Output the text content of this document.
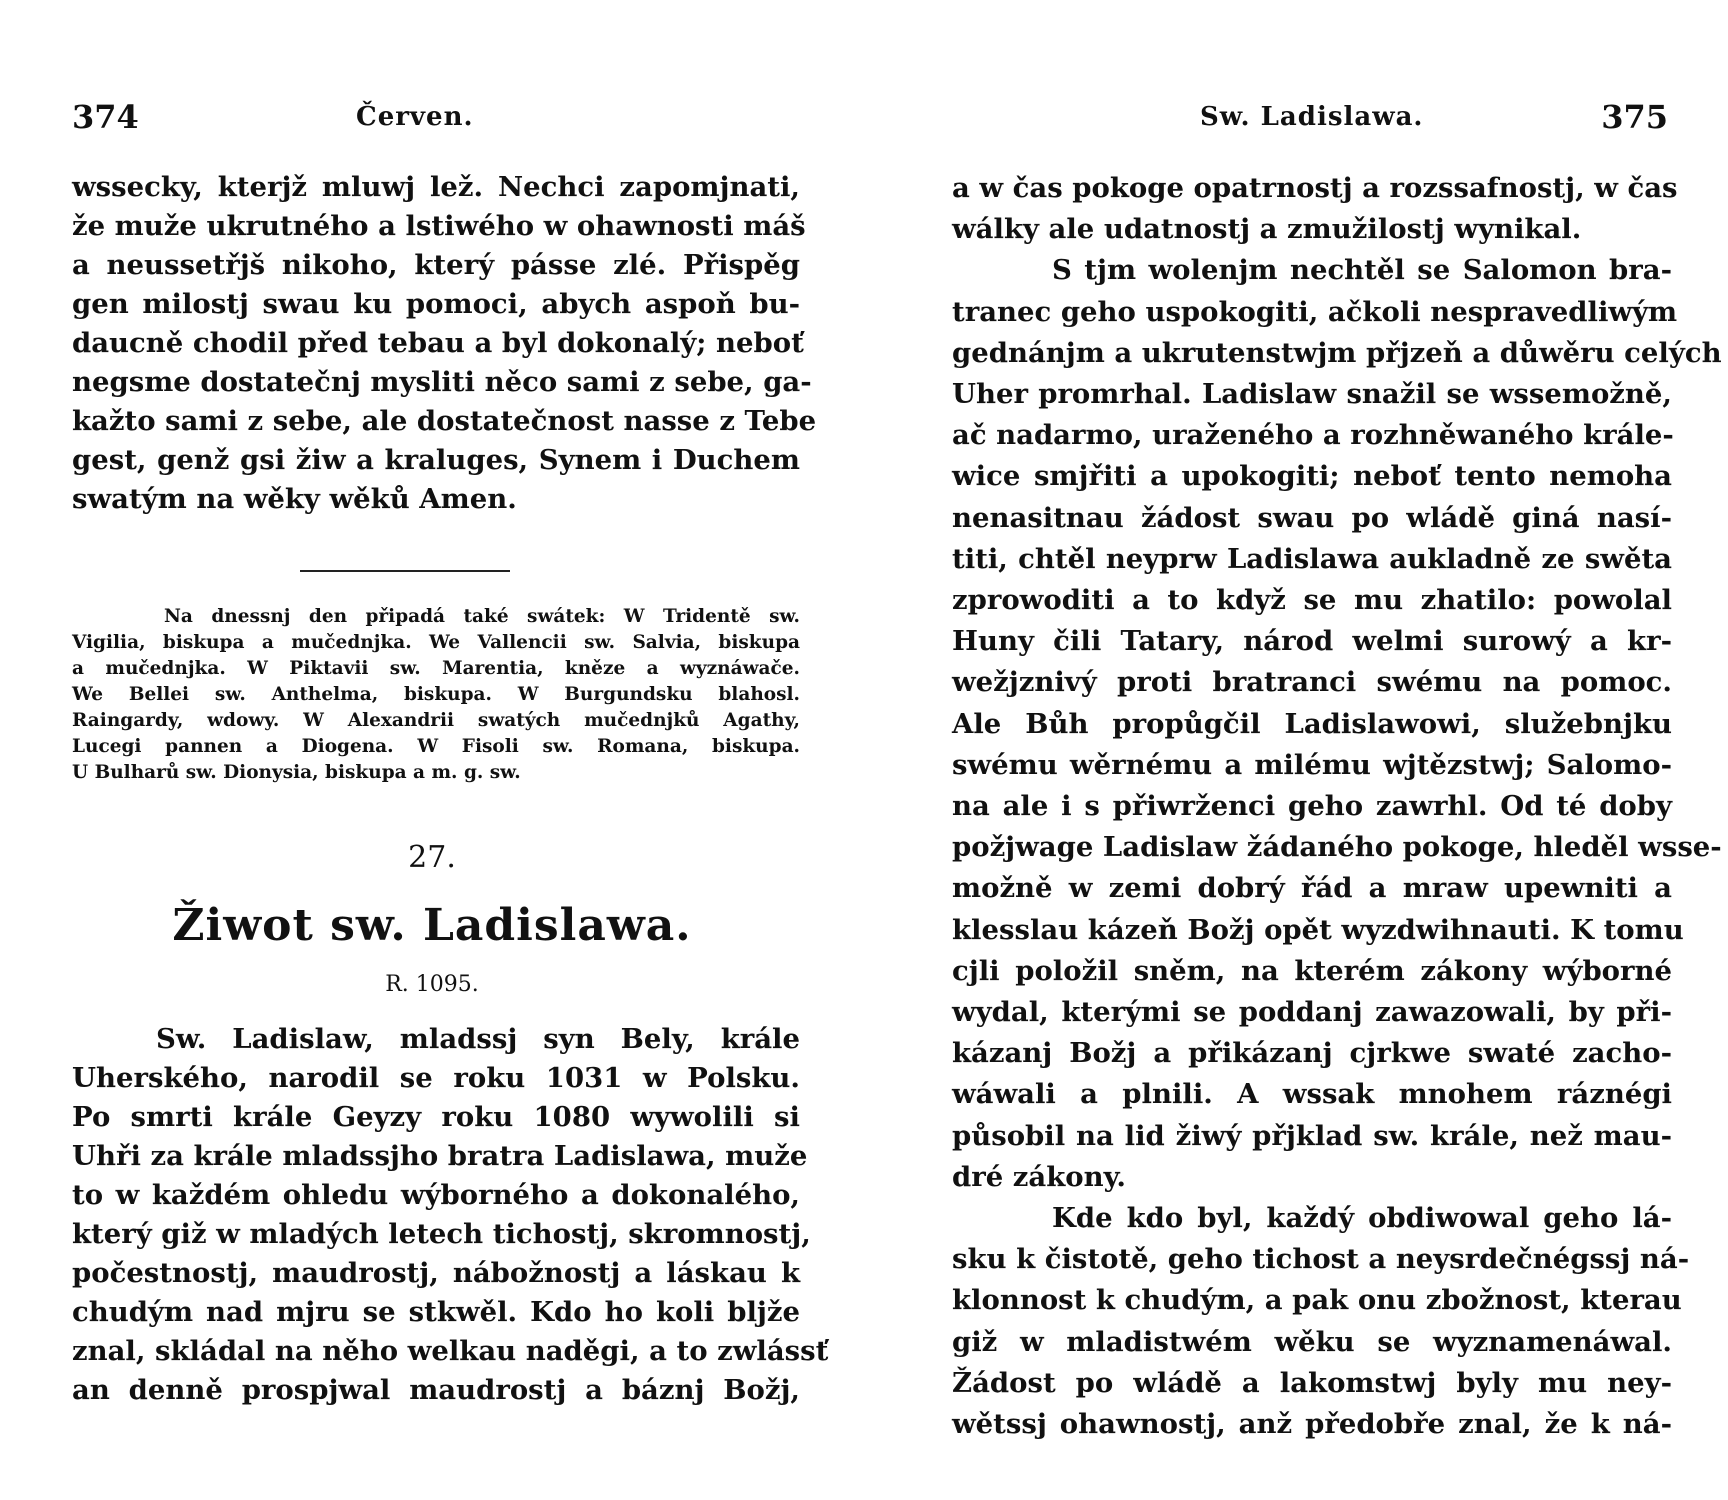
374	Červen.
wssecky, kterjž mluwj lež. Nechci zapomjnati,
že muže ukrutného a lstiwého w ohawnosti máš
a neussetřjš nikoho, který pásse zlé. Přispěg
gen milostj swau ku pomoci, abych aspoň bu-
daucně chodil před tebau a byl dokonalý; neboť
negsme dostatečnj mysliti něco sami z sebe, ga-
kažto sami z sebe, ale dostatečnost nasse z Tebe
gest, genž gsi žiw a kraluges, Synem i Duchem
swatým na wěky wěků Amen.
Na dnessnj den připadá také swátek: W Tridentě sw.
Vigilia, biskupa a mučednjka. We Vallencii sw. Salvia, biskupa
a mučednjka. W Piktavii sw. Marentia, kněze a wyznáwače.
We Bellei sw. Anthelma, biskupa. W Burgundsku blahosl.
Raingardy, wdowy. W Alexandrii swatých mučednjků Agathy,
Lucegi pannen a Diogena. W Fisoli sw. Romana, biskupa.
U Bulharů sw. Dionysia, biskupa a m. g. sw.
27.
Žiwot sw. Ladislawa.
R. 1095.
Sw. Ladislaw, mladssj syn Bely, krále
Uherského, narodil se roku 1031 w Polsku.
Po smrti krále Geyzy roku 1080 wywolili si
Uhři za krále mladssjho bratra Ladislawa, muže
to w každém ohledu wýborného a dokonalého,
který giž w mladých letech tichostj, skromnostj,
počestnostj, maudrostj, nábožnostj a láskau k
chudým nad mjru se stkwěl. Kdo ho koli bljže
znal, skládal na něho welkau naděgi, a to zwlássť
an denně prospjwal maudrostj a báznj Božj,
Sw. Ladislawa.	375
a w čas pokoge opatrnostj a rozssafnostj, w čas
wálky ale udatnostj a zmužilostj wynikal.
S tjm wolenjm nechtěl se Salomon bra-
tranec geho uspokogiti, ačkoli nespravedliwým
gednánjm a ukrutenstwjm přjzeň a důwěru celých
Uher promrhal. Ladislaw snažil se wssemožně,
ač nadarmo, uraženého a rozhněwaného krále-
wice smjřiti a upokogiti; neboť tento nemoha
nenasitnau žádost swau po wládě giná nasí-
titi, chtěl neyprw Ladislawa aukladně ze swěta
zprowoditi a to když se mu zhatilo: powolal
Huny čili Tatary, národ welmi surowý a kr-
wežjznivý proti bratranci swému na pomoc.
Ale Bůh propůgčil Ladislawowi, služebnjku
swému wěrnému a milému wjtězstwj; Salomo-
na ale i s přiwrženci geho zawrhl. Od té doby
požjwage Ladislaw žádaného pokoge, hleděl wsse-
možně w zemi dobrý řád a mraw upewniti a
klesslau kázeň Božj opět wyzdwihnauti. K tomu
cjli položil sněm, na kterém zákony wýborné
wydal, kterými se poddanj zawazowali, by při-
kázanj Božj a přikázanj cjrkwe swaté zacho-
wáwali a plnili. A wssak mnohem ráznégi
působil na lid žiwý přjklad sw. krále, než mau-
dré zákony.
Kde kdo byl, každý obdiwowal geho lá-
sku k čistotě, geho tichost a neysrdečnégssj ná-
klonnost k chudým, a pak onu zbožnost, kterau
giž w mladistwém wěku se wyznamenáwal.
Žádost po wládě a lakomstwj byly mu ney-
wětssj ohawnostj, anž předobře znal, že k ná-
